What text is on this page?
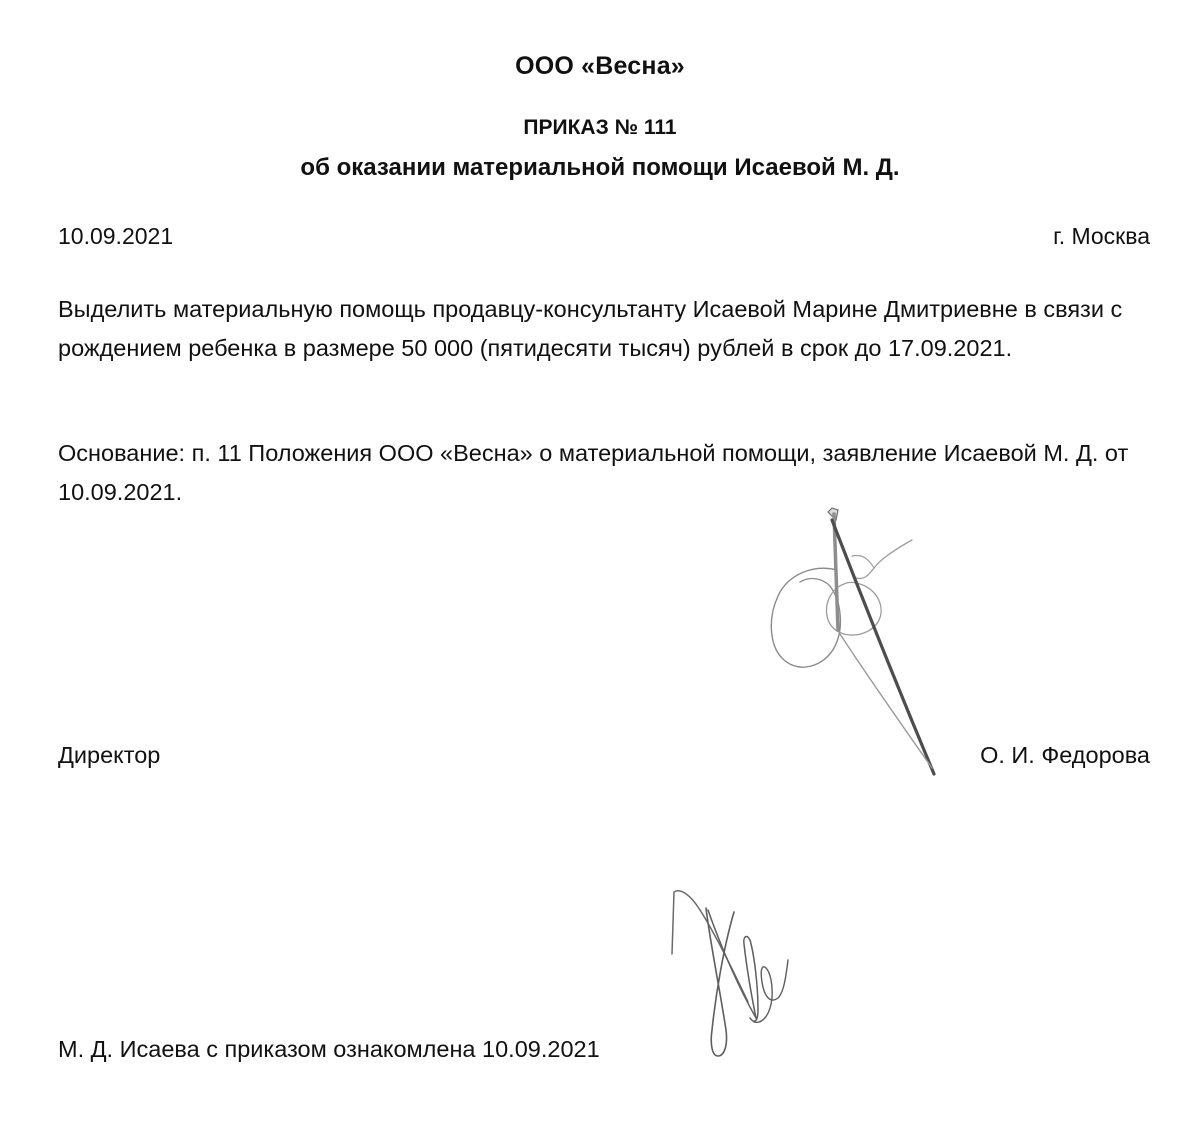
ООО «Весна»
ПРИКАЗ № 111
об оказании материальной помощи Исаевой М. Д.
10.09.2021	г. Москва

Выделить материальную помощь продавцу-консультанту Исаевой Марине Дмитриевне в связи с рождением ребенка в размере 50 000 (пятидесяти тысяч) рублей в срок до 17.09.2021.

Основание: п. 11 Положения ООО «Весна» о материальной помощи, заявление Исаевой М. Д. от 10.09.2021.

Директор	О. И. Федорова
М. Д. Исаева с приказом ознакомлена 10.09.2021
